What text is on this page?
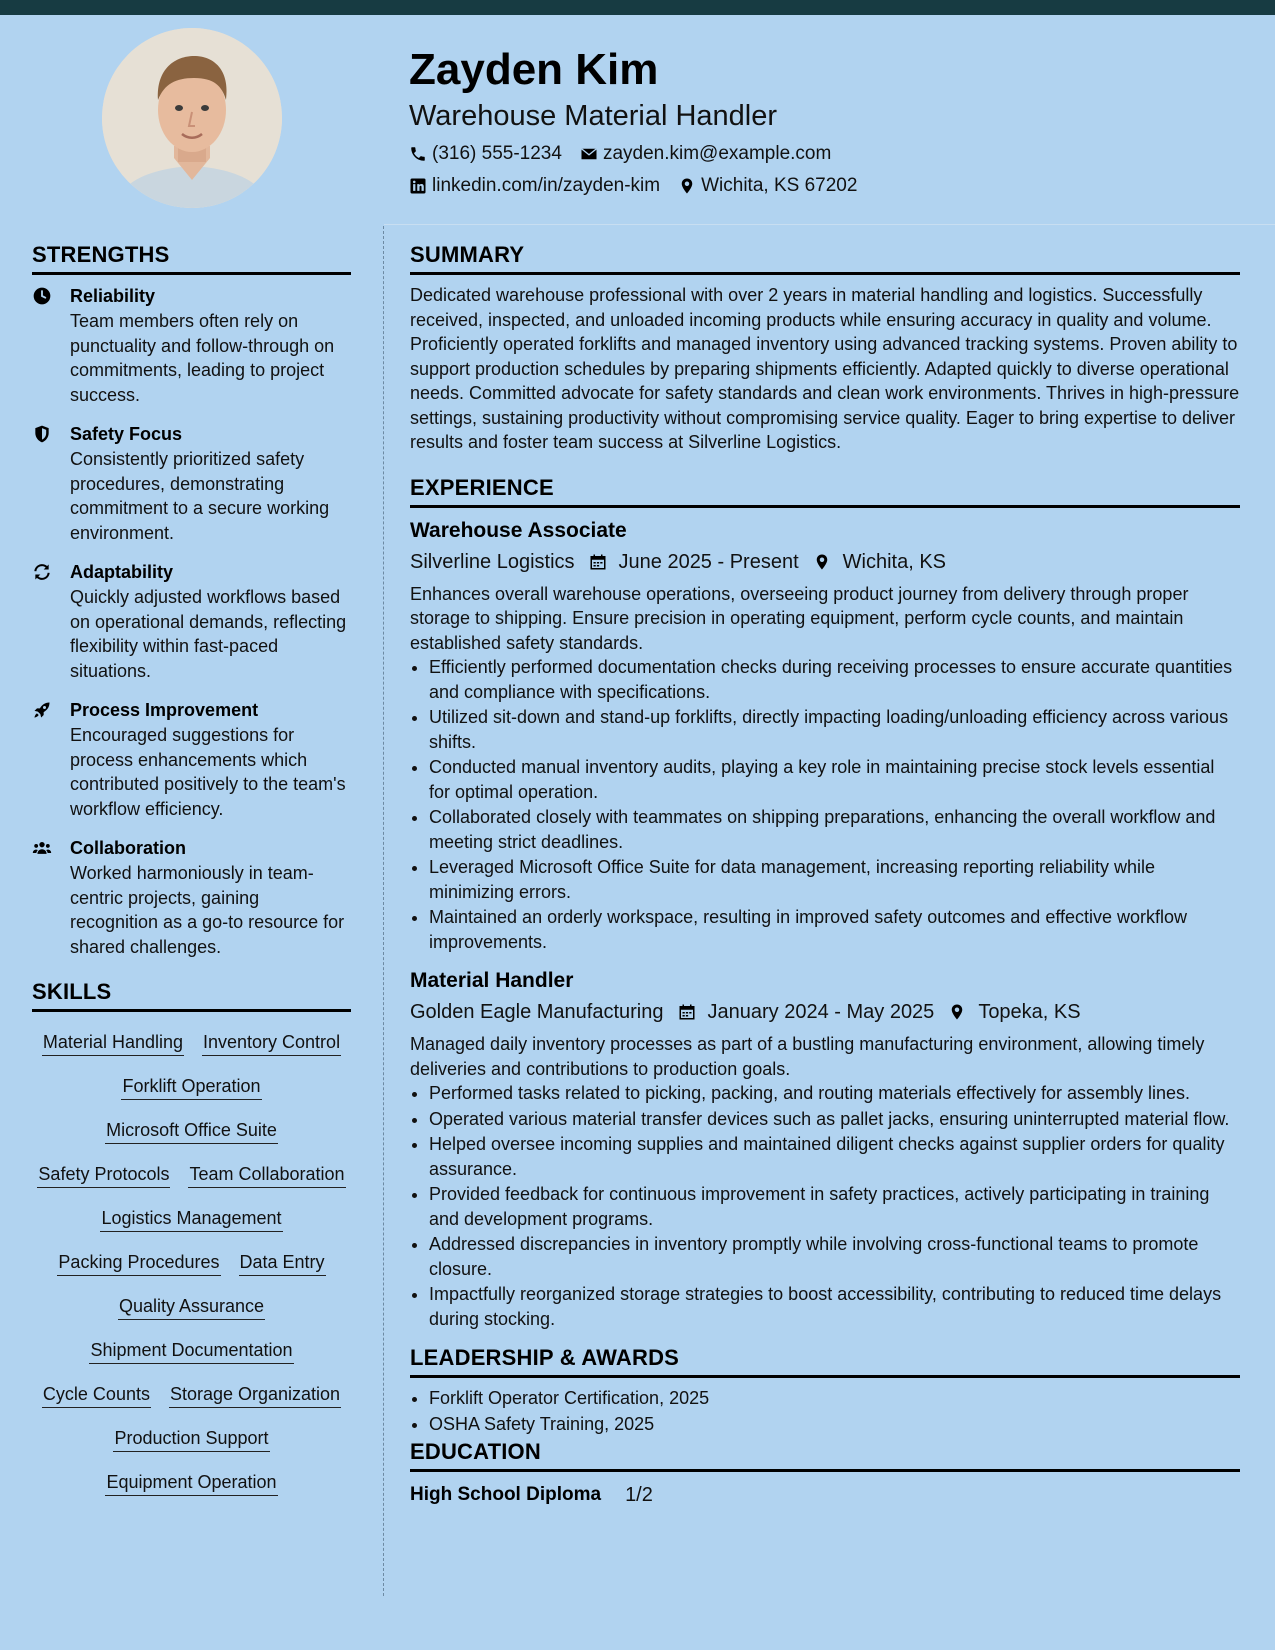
Zayden Kim
Warehouse Material Handler
(316) 555-1234 zayden.kim@example.com
linkedin.com/in/zayden-kim Wichita, KS 67202
STRENGTHS
Reliability
Team members often rely on punctuality and follow-through on commitments, leading to project success.
Safety Focus
Consistently prioritized safety procedures, demonstrating commitment to a secure working environment.
Adaptability
Quickly adjusted workflows based on operational demands, reflecting flexibility within fast-paced situations.
Process Improvement
Encouraged suggestions for process enhancements which contributed positively to the team's workflow efficiency.
Collaboration
Worked harmoniously in team-centric projects, gaining recognition as a go-to resource for shared challenges.
SKILLS
Material Handling Inventory Control
Forklift Operation
Microsoft Office Suite
Safety Protocols Team Collaboration
Logistics Management
Packing Procedures Data Entry
Quality Assurance
Shipment Documentation
Cycle Counts Storage Organization
Production Support
Equipment Operation
SUMMARY
Dedicated warehouse professional with over 2 years in material handling and logistics. Successfully received, inspected, and unloaded incoming products while ensuring accuracy in quality and volume. Proficiently operated forklifts and managed inventory using advanced tracking systems. Proven ability to support production schedules by preparing shipments efficiently. Adapted quickly to diverse operational needs. Committed advocate for safety standards and clean work environments. Thrives in high-pressure settings, sustaining productivity without compromising service quality. Eager to bring expertise to deliver results and foster team success at Silverline Logistics.
EXPERIENCE
Warehouse Associate
Silverline Logistics June 2025 - Present Wichita, KS
Enhances overall warehouse operations, overseeing product journey from delivery through proper storage to shipping. Ensure precision in operating equipment, perform cycle counts, and maintain established safety standards.
• Efficiently performed documentation checks during receiving processes to ensure accurate quantities and compliance with specifications.
• Utilized sit-down and stand-up forklifts, directly impacting loading/unloading efficiency across various shifts.
• Conducted manual inventory audits, playing a key role in maintaining precise stock levels essential for optimal operation.
• Collaborated closely with teammates on shipping preparations, enhancing the overall workflow and meeting strict deadlines.
• Leveraged Microsoft Office Suite for data management, increasing reporting reliability while minimizing errors.
• Maintained an orderly workspace, resulting in improved safety outcomes and effective workflow improvements.
Material Handler
Golden Eagle Manufacturing January 2024 - May 2025 Topeka, KS
Managed daily inventory processes as part of a bustling manufacturing environment, allowing timely deliveries and contributions to production goals.
• Performed tasks related to picking, packing, and routing materials effectively for assembly lines.
• Operated various material transfer devices such as pallet jacks, ensuring uninterrupted material flow.
• Helped oversee incoming supplies and maintained diligent checks against supplier orders for quality assurance.
• Provided feedback for continuous improvement in safety practices, actively participating in training and development programs.
• Addressed discrepancies in inventory promptly while involving cross-functional teams to promote closure.
• Impactfully reorganized storage strategies to boost accessibility, contributing to reduced time delays during stocking.
LEADERSHIP & AWARDS
• Forklift Operator Certification, 2025
• OSHA Safety Training, 2025
EDUCATION
High School Diploma 1/2
